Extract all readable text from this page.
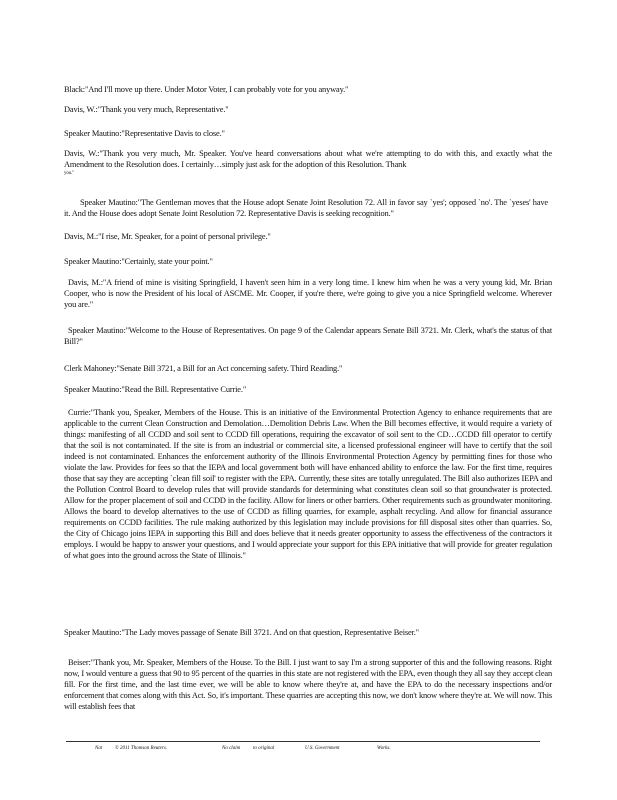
Black:"And I'll move up there. Under Motor Voter, I can probably vote for you anyway."

Davis, W.:"Thank you very much, Representative."

Speaker Mautino:"Representative Davis to close."

Davis, W.:"Thank you very much, Mr. Speaker. You've heard conversations about what we're attempting to do with this, and exactly what the Amendment to the Resolution does. I certainly…simply just ask for the adoption of this Resolution. Thank

you."

Speaker Mautino:"The Gentleman moves that the House adopt Senate Joint Resolution 72. All in favor say `yes'; opposed `no'. The `yeses' have it. And the House does adopt Senate Joint Resolution 72. Representative Davis is seeking recognition."

Davis, M.:"I rise, Mr. Speaker, for a point of personal privilege."

Speaker Mautino:"Certainly, state your point."

Davis, M.:"A friend of mine is visiting Springfield, I haven't seen him in a very long time. I knew him when he was a very young kid, Mr. Brian Cooper, who is now the President of his local of ASCME. Mr. Cooper, if you're there, we're going to give you a nice Springfield welcome. Wherever you are."

Speaker Mautino:"Welcome to the House of Representatives. On page 9 of the Calendar appears Senate Bill 3721. Mr. Clerk, what's the status of that Bill?"

Clerk Mahoney:"Senate Bill 3721, a Bill for an Act concerning safety. Third Reading."

Speaker Mautino:"Read the Bill. Representative Currie."

Currie:"Thank you, Speaker, Members of the House. This is an initiative of the Environmental Protection Agency to enhance requirements that are applicable to the current Clean Construction and Demolation…Demolition Debris Law. When the Bill becomes effective, it would require a variety of things: manifesting of all CCDD and soil sent to CCDD fill operations, requiring the excavator of soil sent to the CD…CCDD fill operator to certify that the soil is not contaminated. If the site is from an industrial or commercial site, a licensed professional engineer will have to certify that the soil indeed is not contaminated. Enhances the enforcement authority of the Illinois Environmental Protection Agency by permitting fines for those who violate the law. Provides for fees so that the IEPA and local government both will have enhanced ability to enforce the law. For the first time, requires those that say they are accepting `clean fill soil' to register with the EPA. Currently, these sites are totally unregulated. The Bill also authorizes IEPA and the Pollution Control Board to develop rules that will provide standards for determining what constitutes clean soil so that groundwater is protected. Allow for the proper placement of soil and CCDD in the facility. Allow for liners or other barriers. Other requirements such as groundwater monitoring. Allows the board to develop alternatives to the use of CCDD as filling quarries, for example, asphalt recycling. And allow for financial assurance requirements on CCDD facilities. The rule making authorized by this legislation may include provisions for fill disposal sites other than quarries. So, the City of Chicago joins IEPA in supporting this Bill and does believe that it needs greater opportunity to assess the effectiveness of the contractors it employs. I would be happy to answer your questions, and I would appreciate your support for this EPA initiative that will provide for greater regulation of what goes into the ground across the State of Illinois."

Speaker Mautino:"The Lady moves passage of Senate Bill 3721. And on that question, Representative Beiser."

Beiser:"Thank you, Mr. Speaker, Members of the House. To the Bill. I just want to say I'm a strong supporter of this and the following reasons. Right now, I would venture a guess that 90 to 95 percent of the quarries in this state are not registered with the EPA, even though they all say they accept clean fill. For the first time, and the last time ever, we will be able to know where they're at, and have the EPA to do the necessary inspections and/or enforcement that comes along with this Act. So, it's important. These quarries are accepting this now, we don't know where they're at. We will now. This will establish fees that

Nat	© 2011 Thomson Reuters.	No claim	to original	U.S. Government	Works.
